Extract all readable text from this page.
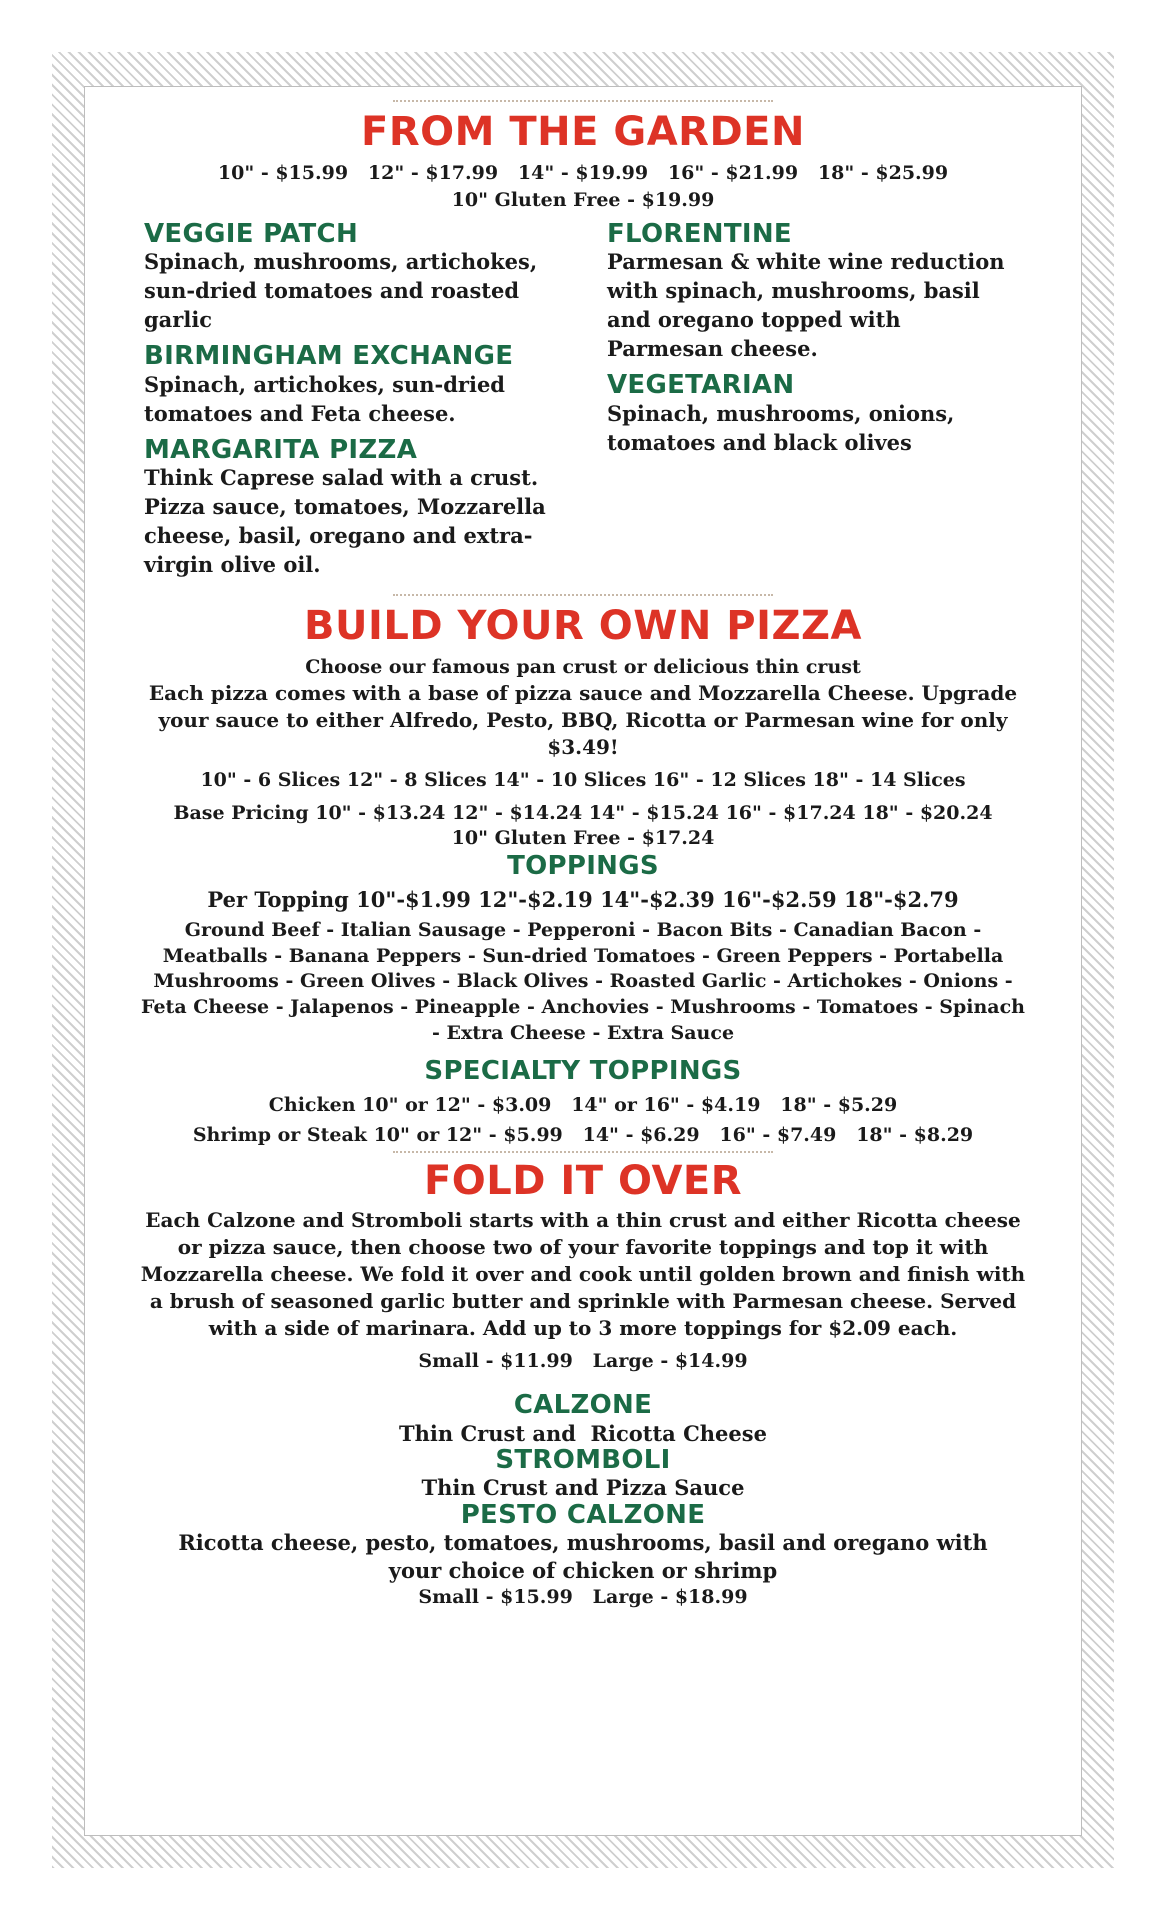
FROM THE GARDEN
10" - $15.99   12" - $17.99   14" - $19.99   16" - $21.99   18" - $25.99
10" Gluten Free - $19.99
VEGGIE PATCH
Spinach, mushrooms, artichokes, sun-dried tomatoes and roasted garlic
BIRMINGHAM EXCHANGE
Spinach, artichokes, sun-dried tomatoes and Feta cheese.
MARGARITA PIZZA
Think Caprese salad with a crust. Pizza sauce, tomatoes, Mozzarella cheese, basil, oregano and extra-virgin olive oil.
FLORENTINE
Parmesan & white wine reduction with spinach, mushrooms, basil and oregano topped with Parmesan cheese.
VEGETARIAN
Spinach, mushrooms, onions, tomatoes and black olives
BUILD YOUR OWN PIZZA
Choose our famous pan crust or delicious thin crust
Each pizza comes with a base of pizza sauce and Mozzarella Cheese. Upgrade your sauce to either Alfredo, Pesto, BBQ, Ricotta or Parmesan wine for only $3.49!
10" - 6 Slices 12" - 8 Slices 14" - 10 Slices 16" - 12 Slices 18" - 14 Slices
Base Pricing 10" - $13.24 12" - $14.24 14" - $15.24 16" - $17.24 18" - $20.24
10" Gluten Free - $17.24
TOPPINGS
Per Topping 10"-$1.99 12"-$2.19 14"-$2.39 16"-$2.59 18"-$2.79
Ground Beef - Italian Sausage - Pepperoni - Bacon Bits - Canadian Bacon - Meatballs - Banana Peppers - Sun-dried Tomatoes - Green Peppers - Portabella Mushrooms - Green Olives - Black Olives - Roasted Garlic - Artichokes - Onions - Feta Cheese - Jalapenos - Pineapple - Anchovies - Mushrooms - Tomatoes - Spinach - Extra Cheese - Extra Sauce
SPECIALTY TOPPINGS
Chicken 10" or 12" - $3.09   14" or 16" - $4.19   18" - $5.29
Shrimp or Steak 10" or 12" - $5.99   14" - $6.29   16" - $7.49   18" - $8.29
FOLD IT OVER
Each Calzone and Stromboli starts with a thin crust and either Ricotta cheese or pizza sauce, then choose two of your favorite toppings and top it with Mozzarella cheese. We fold it over and cook until golden brown and finish with a brush of seasoned garlic butter and sprinkle with Parmesan cheese. Served with a side of marinara. Add up to 3 more toppings for $2.09 each.
Small - $11.99   Large - $14.99
CALZONE
Thin Crust and  Ricotta Cheese
STROMBOLI
Thin Crust and Pizza Sauce
PESTO CALZONE
Ricotta cheese, pesto, tomatoes, mushrooms, basil and oregano with your choice of chicken or shrimp
Small - $15.99   Large - $18.99
